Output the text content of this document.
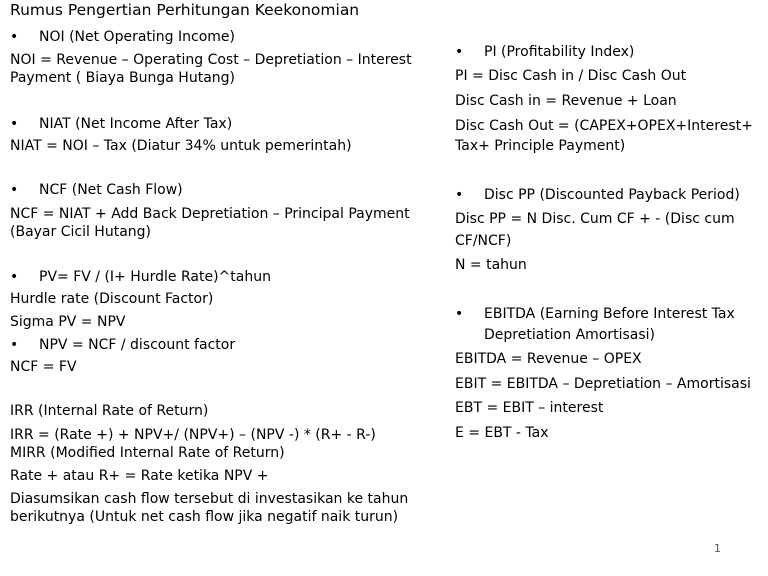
Rumus Pengertian Perhitungan Keekonomian
• NOI (Net Operating Income)
NOI = Revenue – Operating Cost – Depretiation – Interest
Payment ( Biaya Bunga Hutang)
• NIAT (Net Income After Tax)
NIAT = NOI – Tax (Diatur 34% untuk pemerintah)
• NCF (Net Cash Flow)
NCF = NIAT + Add Back Depretiation – Principal Payment
(Bayar Cicil Hutang)
• PV= FV / (I+ Hurdle Rate)^tahun
Hurdle rate (Discount Factor)
Sigma PV = NPV
• NPV = NCF / discount factor
NCF = FV
IRR (Internal Rate of Return)
IRR = (Rate +) + NPV+/ (NPV+) – (NPV -) * (R+ - R-)
MIRR (Modified Internal Rate of Return)
Rate + atau R+ = Rate ketika NPV +
Diasumsikan cash flow tersebut di investasikan ke tahun
berikutnya (Untuk net cash flow jika negatif naik turun)
• PI (Profitability Index)
PI = Disc Cash in / Disc Cash Out
Disc Cash in = Revenue + Loan
Disc Cash Out = (CAPEX+OPEX+Interest+
Tax+ Principle Payment)
• Disc PP (Discounted Payback Period)
Disc PP = N Disc. Cum CF + - (Disc cum
CF/NCF)
N = tahun
• EBITDA (Earning Before Interest Tax
Depretiation Amortisasi)
EBITDA = Revenue – OPEX
EBIT = EBITDA – Depretiation – Amortisasi
EBT = EBIT – interest
E = EBT - Tax
1
